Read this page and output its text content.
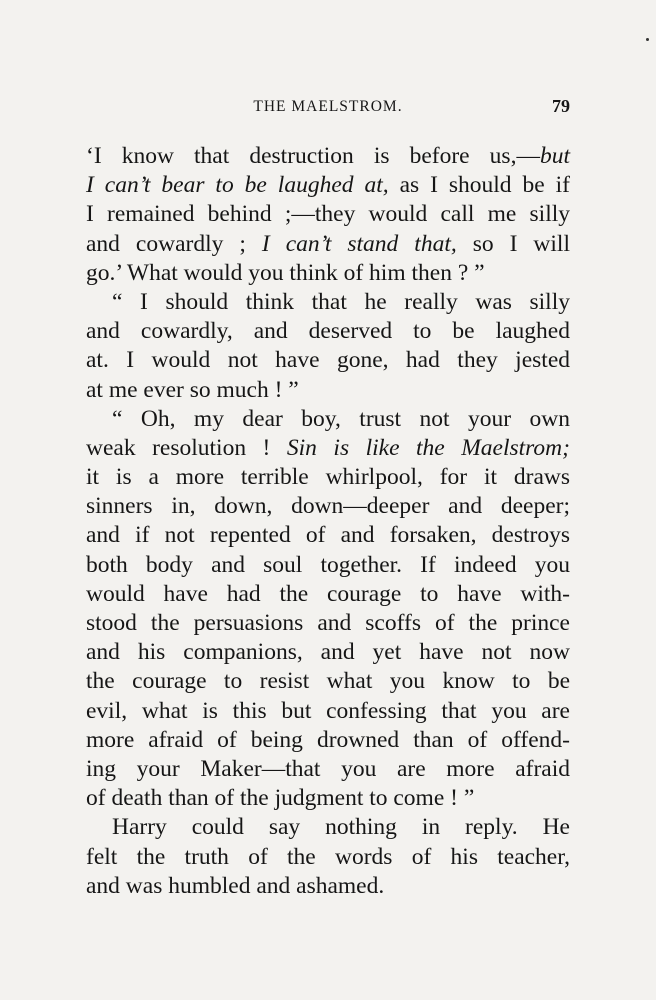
THE MAELSTROM.	79
‘I know that destruction is before us,—but
I can’t bear to be laughed at, as I should be if
I remained behind ;—they would call me silly
and cowardly ; I can’t stand that, so I will
go.’ What would you think of him then ? ”
“ I should think that he really was silly
and cowardly, and deserved to be laughed
at. I would not have gone, had they jested
at me ever so much ! ”
“ Oh, my dear boy, trust not your own
weak resolution ! Sin is like the Maelstrom;
it is a more terrible whirlpool, for it draws
sinners in, down, down—deeper and deeper;
and if not repented of and forsaken, destroys
both body and soul together. If indeed you
would have had the courage to have with-
stood the persuasions and scoffs of the prince
and his companions, and yet have not now
the courage to resist what you know to be
evil, what is this but confessing that you are
more afraid of being drowned than of offend-
ing your Maker—that you are more afraid
of death than of the judgment to come ! ”
Harry could say nothing in reply. He
felt the truth of the words of his teacher,
and was humbled and ashamed.
